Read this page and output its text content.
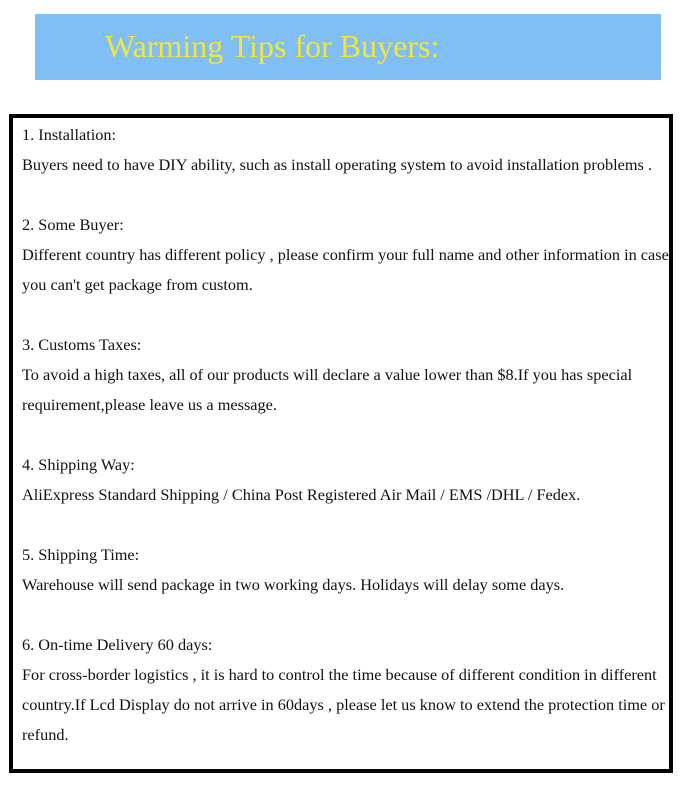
Warming Tips for Buyers:
1. Installation:
Buyers need to have DIY ability, such as install operating system to avoid installation problems .
2. Some Buyer:
Different country has different policy , please confirm your full name and other information in case you can't get package from custom.
3. Customs Taxes:
To avoid a high taxes, all of our products will declare a value lower than $8.If you has special requirement,please leave us a message.
4. Shipping Way:
AliExpress Standard Shipping / China Post Registered Air Mail / EMS /DHL / Fedex.
5. Shipping Time:
Warehouse will send package in two working days. Holidays will delay some days.
6. On-time Delivery 60 days:
For cross-border logistics , it is hard to control the time because of different condition in different country.If Lcd Display do not arrive in 60days , please let us know to extend the protection time or refund.
